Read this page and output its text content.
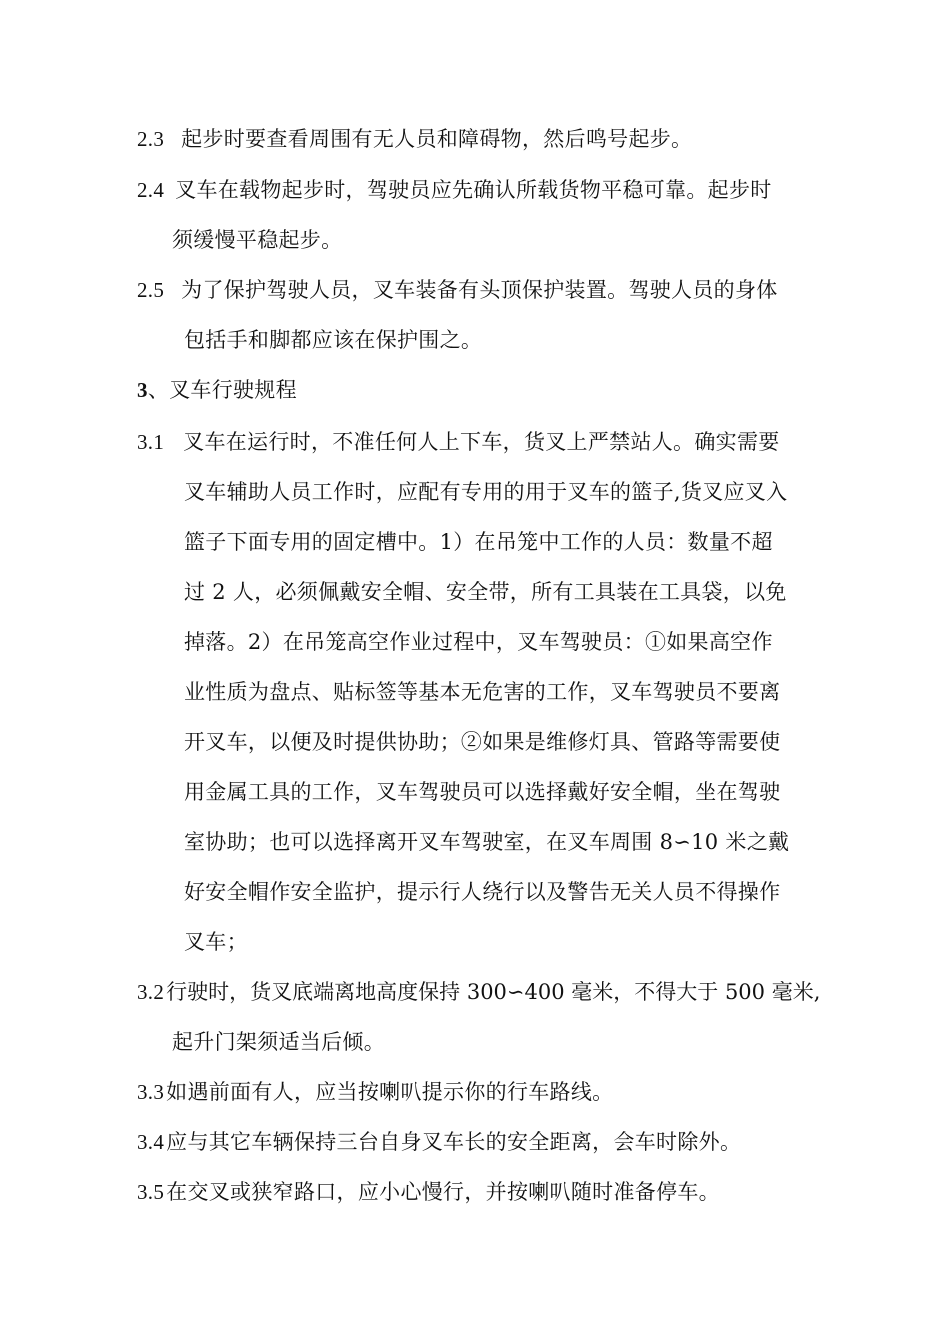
2.3 起步时要查看周围有无人员和障碍物，然后鸣号起步。
2.4 叉车在载物起步时，驾驶员应先确认所载货物平稳可靠。起步时
须缓慢平稳起步。
2.5 为了保护驾驶人员，叉车装备有头顶保护装置。驾驶人员的身体
包括手和脚都应该在保护围之。
3、叉车行驶规程
3.1 叉车在运行时，不准任何人上下车，货叉上严禁站人。确实需要
叉车辅助人员工作时，应配有专用的用于叉车的篮子,货叉应叉入
篮子下面专用的固定槽中。1）在吊笼中工作的人员：数量不超
过 2 人，必须佩戴安全帽、安全带，所有工具装在工具袋，以免
掉落。2）在吊笼高空作业过程中，叉车驾驶员：①如果高空作
业性质为盘点、贴标签等基本无危害的工作，叉车驾驶员不要离
开叉车，以便及时提供协助；②如果是维修灯具、管路等需要使
用金属工具的工作，叉车驾驶员可以选择戴好安全帽，坐在驾驶
室协助；也可以选择离开叉车驾驶室，在叉车周围 8∽10 米之戴
好安全帽作安全监护，提示行人绕行以及警告无关人员不得操作
叉车；
3.2行驶时，货叉底端离地高度保持 300∽400 毫米，不得大于 500 毫米,
起升门架须适当后倾。
3.3如遇前面有人，应当按喇叭提示你的行车路线。
3.4应与其它车辆保持三台自身叉车长的安全距离，会车时除外。
3.5在交叉或狭窄路口，应小心慢行，并按喇叭随时准备停车。
